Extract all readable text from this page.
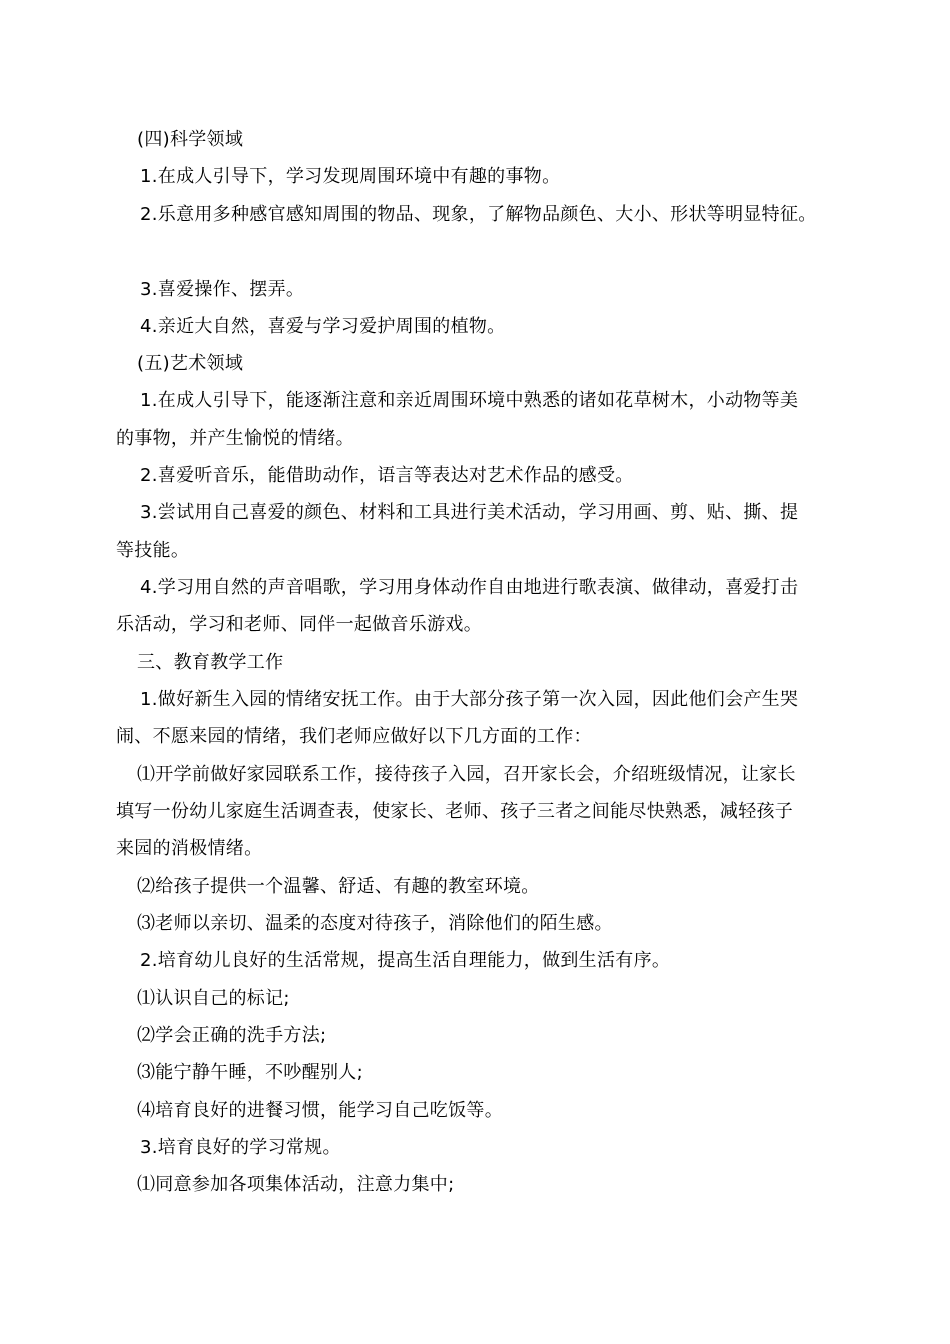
(四)科学领域
1.在成人引导下，学习发现周围环境中有趣的事物。
2.乐意用多种感官感知周围的物品、现象，了解物品颜色、大小、形状等明显特征。
3.喜爱操作、摆弄。
4.亲近大自然，喜爱与学习爱护周围的植物。
(五)艺术领域
1.在成人引导下，能逐渐注意和亲近周围环境中熟悉的诸如花草树木，小动物等美
的事物，并产生愉悦的情绪。
2.喜爱听音乐，能借助动作，语言等表达对艺术作品的感受。
3.尝试用自己喜爱的颜色、材料和工具进行美术活动，学习用画、剪、贴、撕、提
等技能。
4.学习用自然的声音唱歌，学习用身体动作自由地进行歌表演、做律动，喜爱打击
乐活动，学习和老师、同伴一起做音乐游戏。
三、教育教学工作
1.做好新生入园的情绪安抚工作。由于大部分孩子第一次入园，因此他们会产生哭
闹、不愿来园的情绪，我们老师应做好以下几方面的工作：
⑴开学前做好家园联系工作，接待孩子入园，召开家长会，介绍班级情况，让家长
填写一份幼儿家庭生活调查表，使家长、老师、孩子三者之间能尽快熟悉，减轻孩子
来园的消极情绪。
⑵给孩子提供一个温馨、舒适、有趣的教室环境。
⑶老师以亲切、温柔的态度对待孩子，消除他们的陌生感。
2.培育幼儿良好的生活常规，提高生活自理能力，做到生活有序。
⑴认识自己的标记;
⑵学会正确的洗手方法;
⑶能宁静午睡，不吵醒别人;
⑷培育良好的进餐习惯，能学习自己吃饭等。
3.培育良好的学习常规。
⑴同意参加各项集体活动，注意力集中;
